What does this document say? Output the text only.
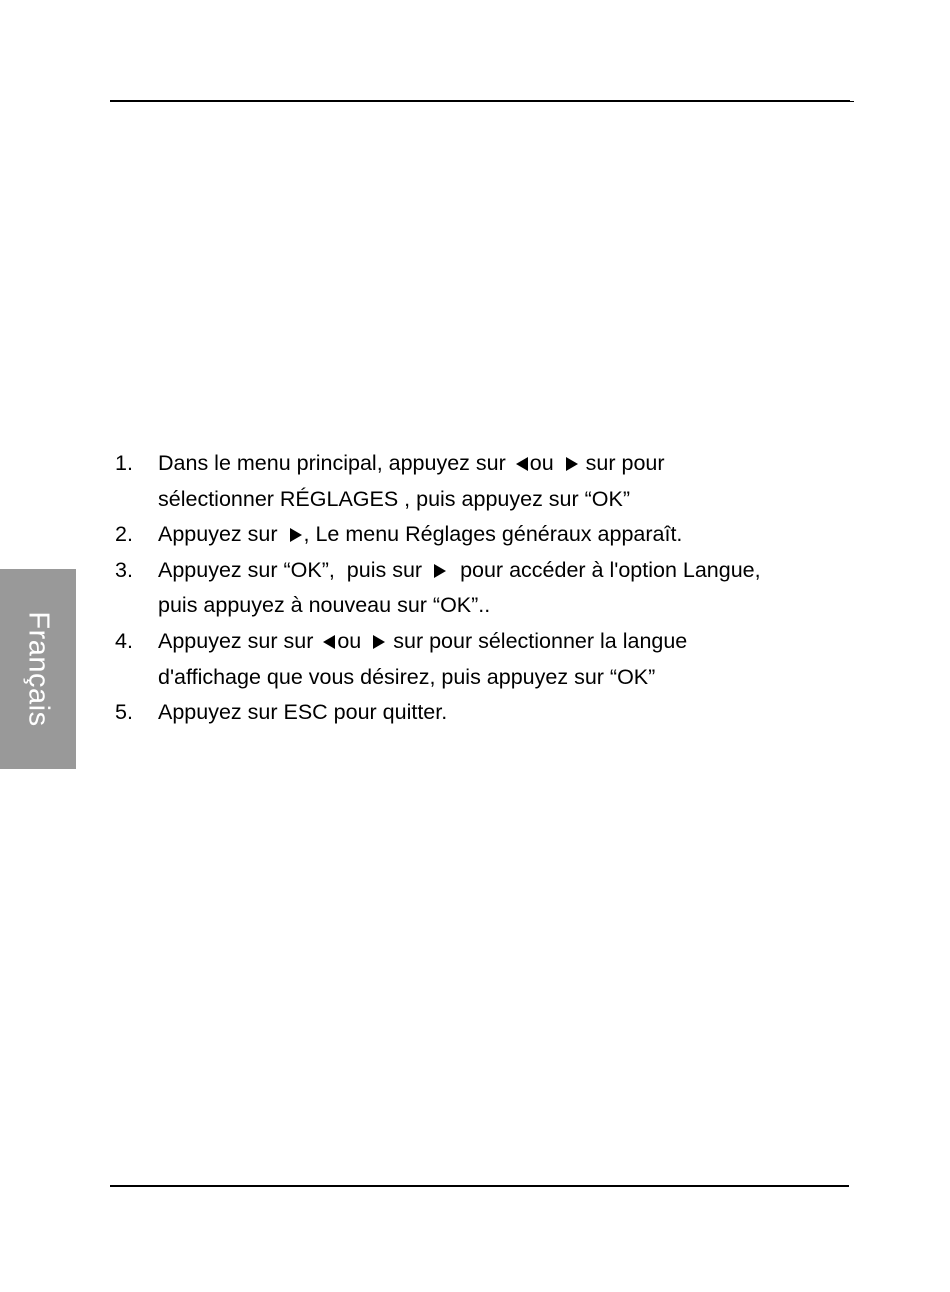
Français
1.	Dans le menu principal, appuyez sur ou sur pour
sélectionner RÉGLAGES , puis appuyez sur “OK”
2.	Appuyez sur , Le menu Réglages généraux apparaît.
3.	Appuyez sur “OK”,  puis sur pour accéder à l'option Langue,
puis appuyez à nouveau sur “OK”..
4.	Appuyez sur sur ou sur pour sélectionner la langue
d'affichage que vous désirez, puis appuyez sur “OK”
5.	Appuyez sur ESC pour quitter.
